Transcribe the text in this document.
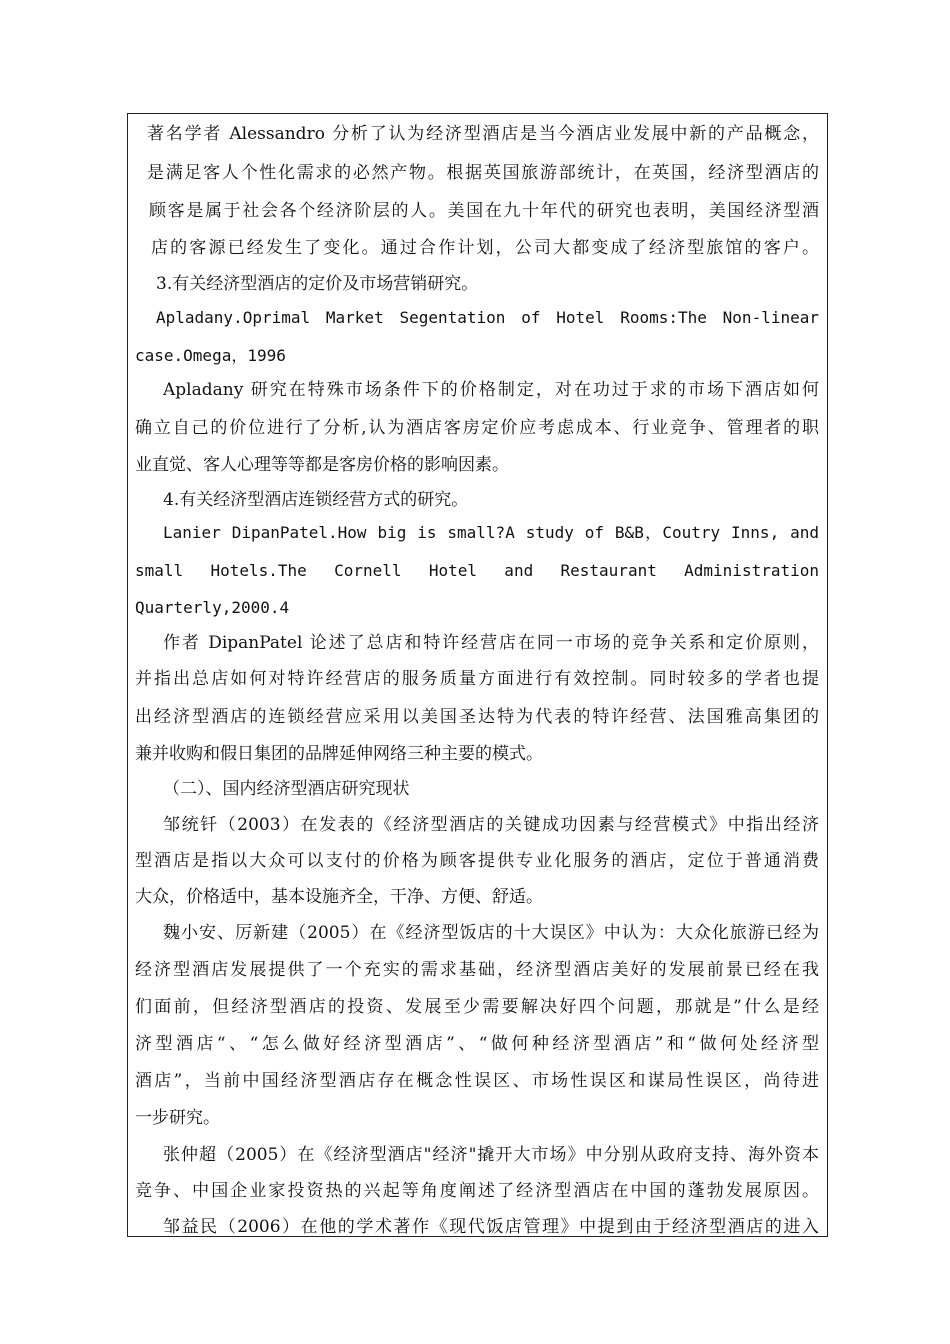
著名学者 Alessandro 分析了认为经济型酒店是当今酒店业发展中新的产品概念，

是满足客人个性化需求的必然产物。根据英国旅游部统计，在英国，经济型酒店的

顾客是属于社会各个经济阶层的人。美国在九十年代的研究也表明，美国经济型酒

店的客源已经发生了变化。通过合作计划，公司大都变成了经济型旅馆的客户。

3.有关经济型酒店的定价及市场营销研究。

Apladany.Oprimal Market Segentation of Hotel Rooms:The Non-linear

case.Omega，1996

Apladany 研究在特殊市场条件下的价格制定，对在功过于求的市场下酒店如何

确立自己的价位进行了分析,认为酒店客房定价应考虑成本、行业竞争、管理者的职

业直觉、客人心理等等都是客房价格的影响因素。

4.有关经济型酒店连锁经营方式的研究。

Lanier DipanPatel.How big is small?A study of B&B，Coutry Inns, and

small Hotels.The Cornell Hotel and Restaurant Administration

Quarterly,2000.4

作者 DipanPatel 论述了总店和特许经营店在同一市场的竞争关系和定价原则，

并指出总店如何对特许经营店的服务质量方面进行有效控制。同时较多的学者也提

出经济型酒店的连锁经营应采用以美国圣达特为代表的特许经营、法国雅高集团的

兼并收购和假日集团的品牌延伸网络三种主要的模式。

（二）、国内经济型酒店研究现状

邹统钎（2003）在发表的《经济型酒店的关键成功因素与经营模式》中指出经济

型酒店是指以大众可以支付的价格为顾客提供专业化服务的酒店，定位于普通消费

大众，价格适中，基本设施齐全，干净、方便、舒适。

魏小安、厉新建（2005）在《经济型饭店的十大误区》中认为：大众化旅游已经为

经济型酒店发展提供了一个充实的需求基础，经济型酒店美好的发展前景已经在我

们面前，但经济型酒店的投资、发展至少需要解决好四个问题，那就是”什么是经

济型酒店“、“怎么做好经济型酒店”、“做何种经济型酒店”和“做何处经济型

酒店”，当前中国经济型酒店存在概念性误区、市场性误区和谋局性误区，尚待进

一步研究。

张仲超（2005）在《经济型酒店"经济"撬开大市场》中分别从政府支持、海外资本

竞争、中国企业家投资热的兴起等角度阐述了经济型酒店在中国的蓬勃发展原因。

邹益民（2006）在他的学术著作《现代饭店管理》中提到由于经济型酒店的进入
